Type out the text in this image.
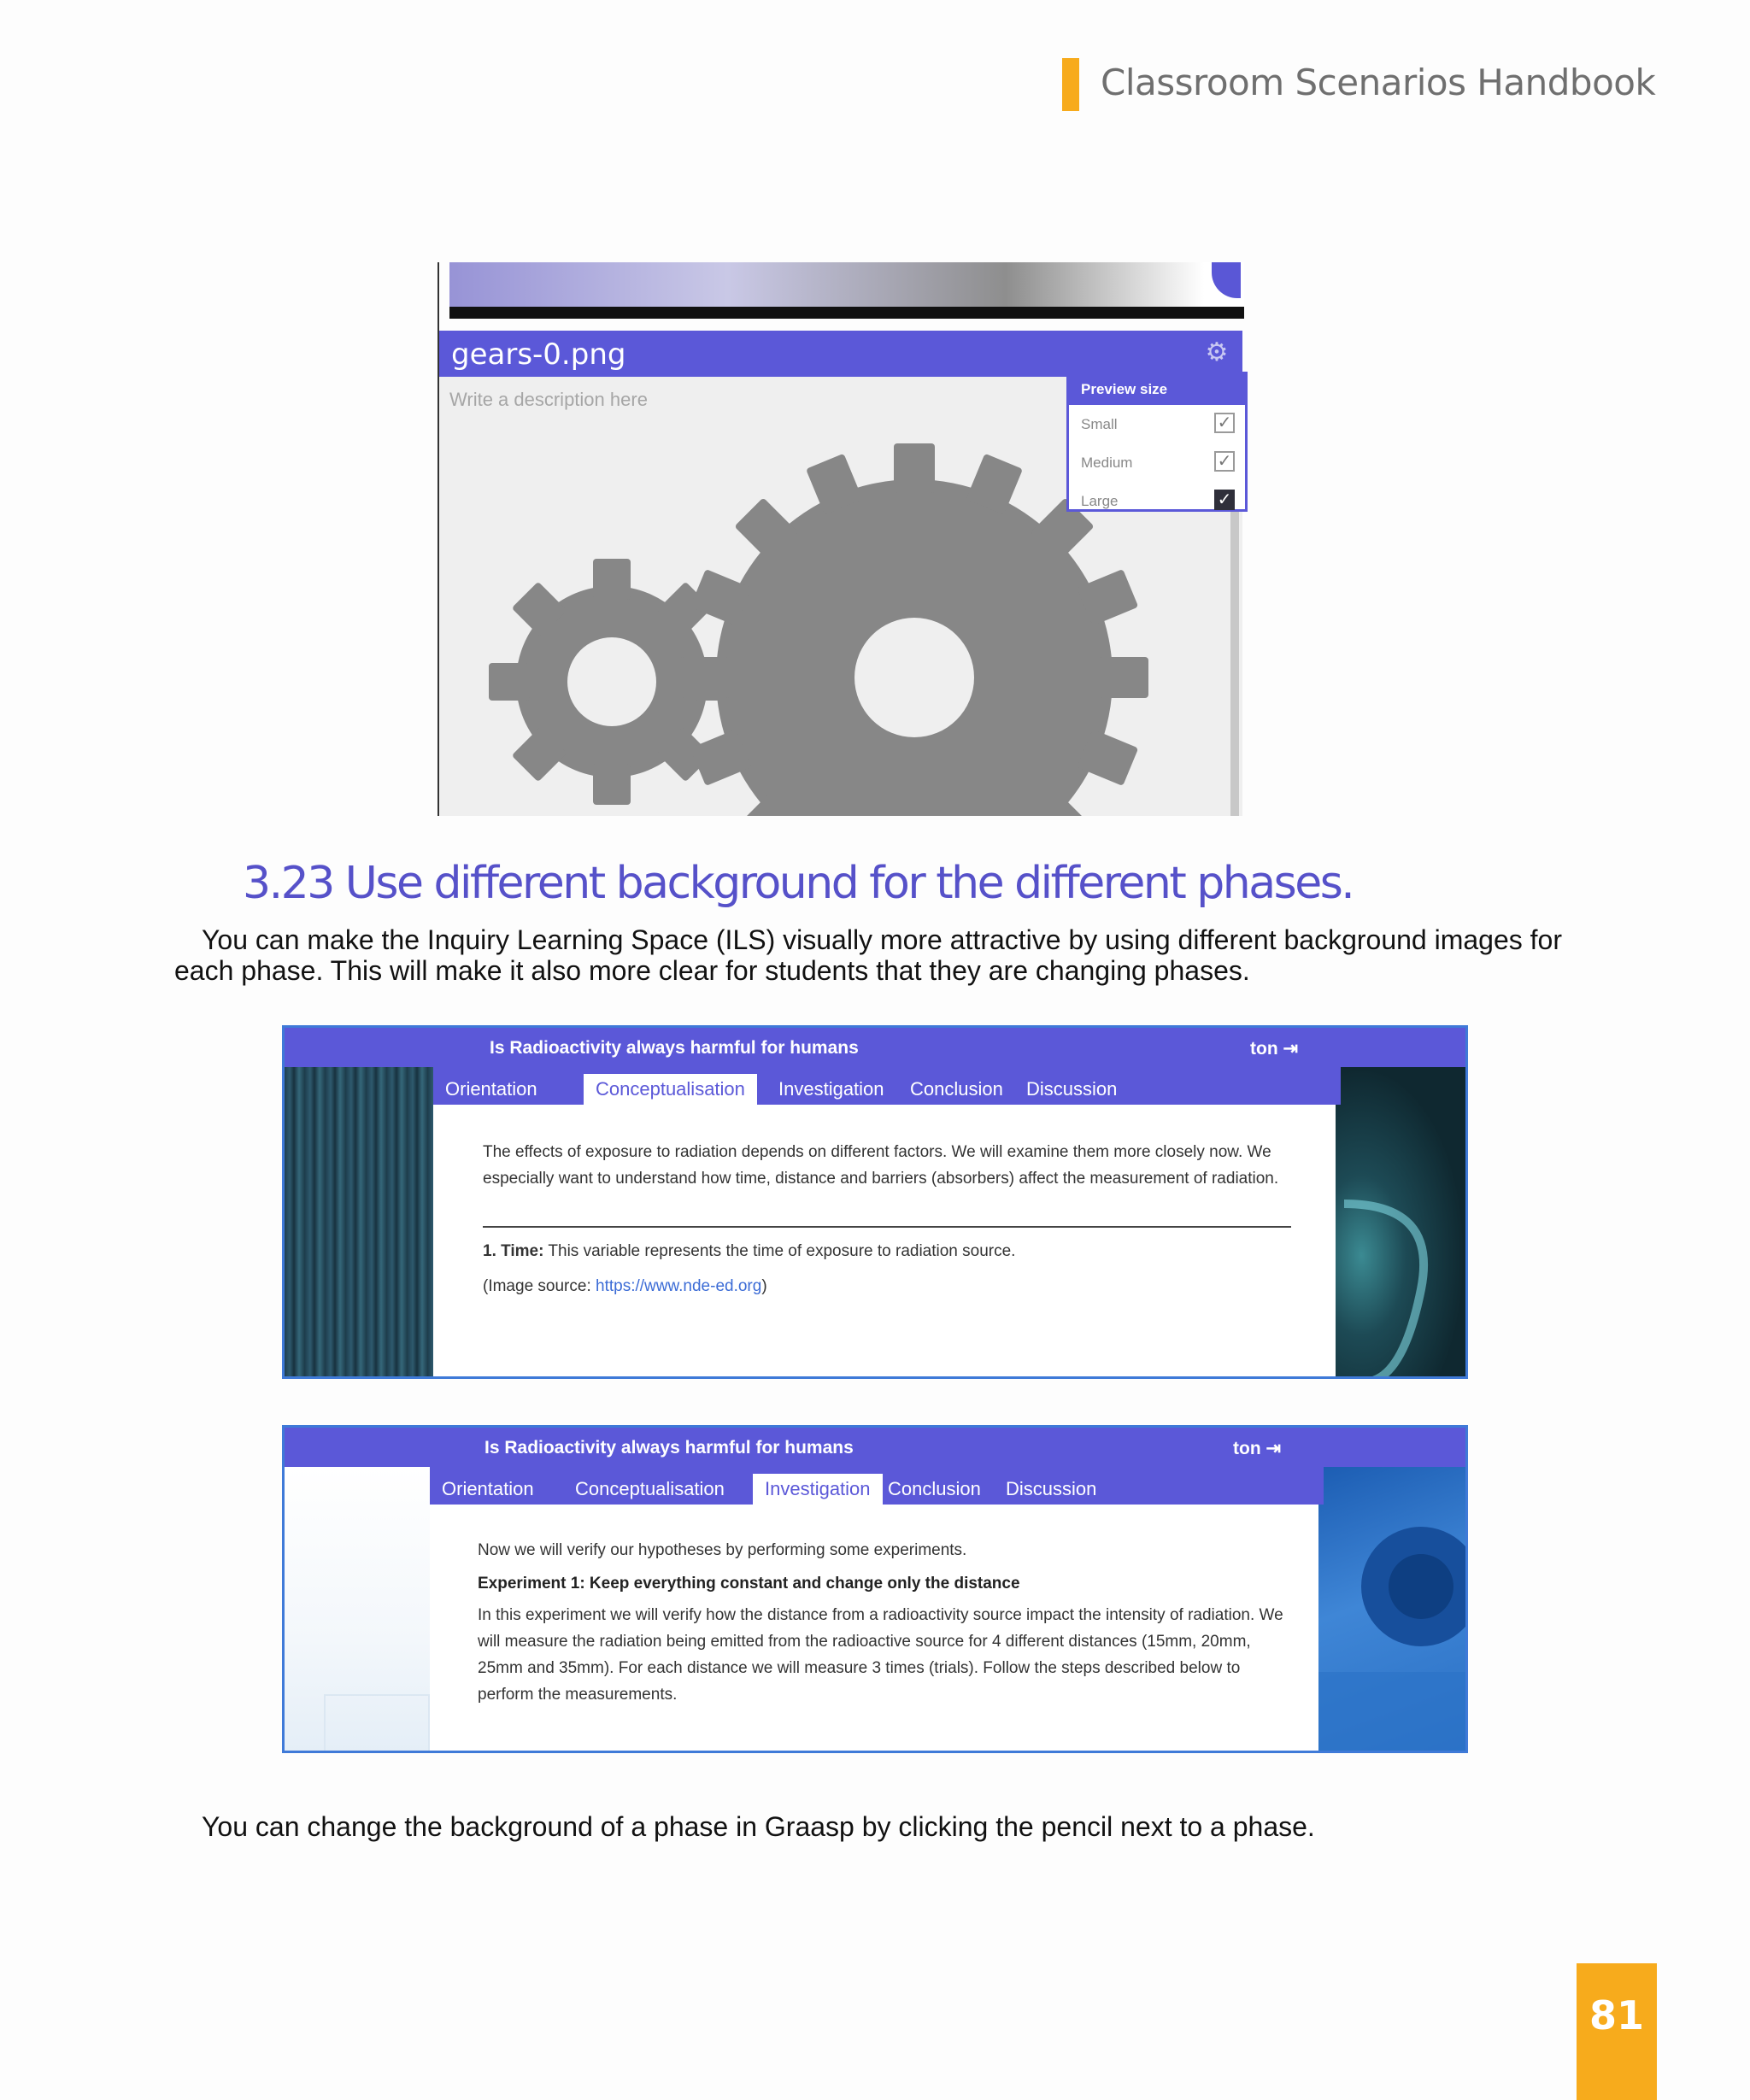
Classroom Scenarios Handbook
gears-0.png	⚙
Write a description here	Preview size
Small	✓
Medium	✓
Large	✓
3.23 Use different background for the different phases.
You can make the Inquiry Learning Space (ILS) visually more attractive by using different background images for each phase. This will make it also more clear for students that they are changing phases.
Is Radioactivity always harmful for humans	ton ⇥
Orientation	Conceptualisation	Investigation Conclusion Discussion

The effects of exposure to radiation depends on different factors. We will examine them more closely now. We especially want to understand how time, distance and barriers (absorbers) affect the measurement of radiation.

1. Time: This variable represents the time of exposure to radiation source.

(Image source: https://www.nde-ed.org)

Is Radioactivity always harmful for humans	ton ⇥
Orientation	Conceptualisation	Investigation Conclusion Discussion

Now we will verify our hypotheses by performing some experiments.

Experiment 1: Keep everything constant and change only the distance

In this experiment we will verify how the distance from a radioactivity source impact the intensity of radiation. We will measure the radiation being emitted from the radioactive source for 4 different distances (15mm, 20mm, 25mm and 35mm). For each distance we will measure 3 times (trials). Follow the steps described below to perform the measurements.

You can change the background of a phase in Graasp by clicking the pencil next to a phase.
81
